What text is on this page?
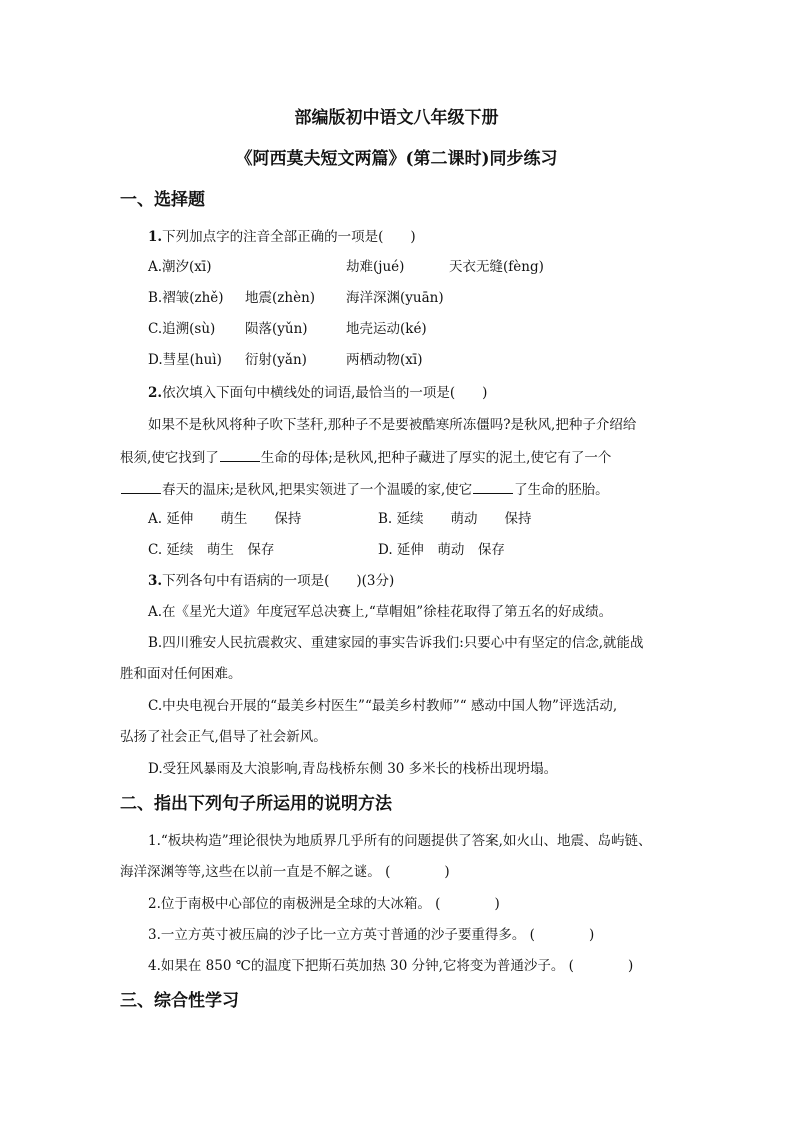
部编版初中语文八年级下册
《阿西莫夫短文两篇》(第二课时)同步练习
一、选择题
1.下列加点字的注音全部正确的一项是(　　)
A.潮汐(xī)	劫难(jué)	天衣无缝(fèng)
B.褶皱(zhě) 地震(zhèn) 海洋深渊(yuān)
C.追溯(sù) 陨落(yǔn)	地壳运动(ké)
D.彗星(huì) 衍射(yǎn)	两栖动物(xī)
2.依次填入下面句中横线处的词语,最恰当的一项是(　　)
如果不是秋风将种子吹下茎秆,那种子不是要被酷寒所冻僵吗?是秋风,把种子介绍给
根须,使它找到了	生命的母体;是秋风,把种子藏进了厚实的泥土,使它有了一个
春天的温床;是秋风,把果实领进了一个温暖的家,使它	了生命的胚胎。
A. 延伸　　萌生　　保持	B. 延续　　萌动　　保持
C. 延续　萌生　保存	D. 延伸　萌动　保存
3.下列各句中有语病的一项是(　　)(3分)
A.在《星光大道》年度冠军总决赛上,“草帽姐”徐桂花取得了第五名的好成绩。
B.四川雅安人民抗震救灾、重建家园的事实告诉我们:只要心中有坚定的信念,就能战
胜和面对任何困难。
C.中央电视台开展的“最美乡村医生”“最美乡村教师”“ 感动中国人物”评选活动,
弘扬了社会正气,倡导了社会新风。
D.受狂风暴雨及大浪影响,青岛栈桥东侧 30 多米长的栈桥出现坍塌。
二、指出下列句子所运用的说明方法
1.“板块构造”理论很快为地质界几乎所有的问题提供了答案,如火山、地震、岛屿链、
海洋深渊等等,这些在以前一直是不解之谜。 (　　　　)
2.位于南极中心部位的南极洲是全球的大冰箱。 (　　　　)
3.一立方英寸被压扁的沙子比一立方英寸普通的沙子要重得多。 (　　　　)
4.如果在 850 ℃的温度下把斯石英加热 30 分钟,它将变为普通沙子。 (　　　　)
三、综合性学习
